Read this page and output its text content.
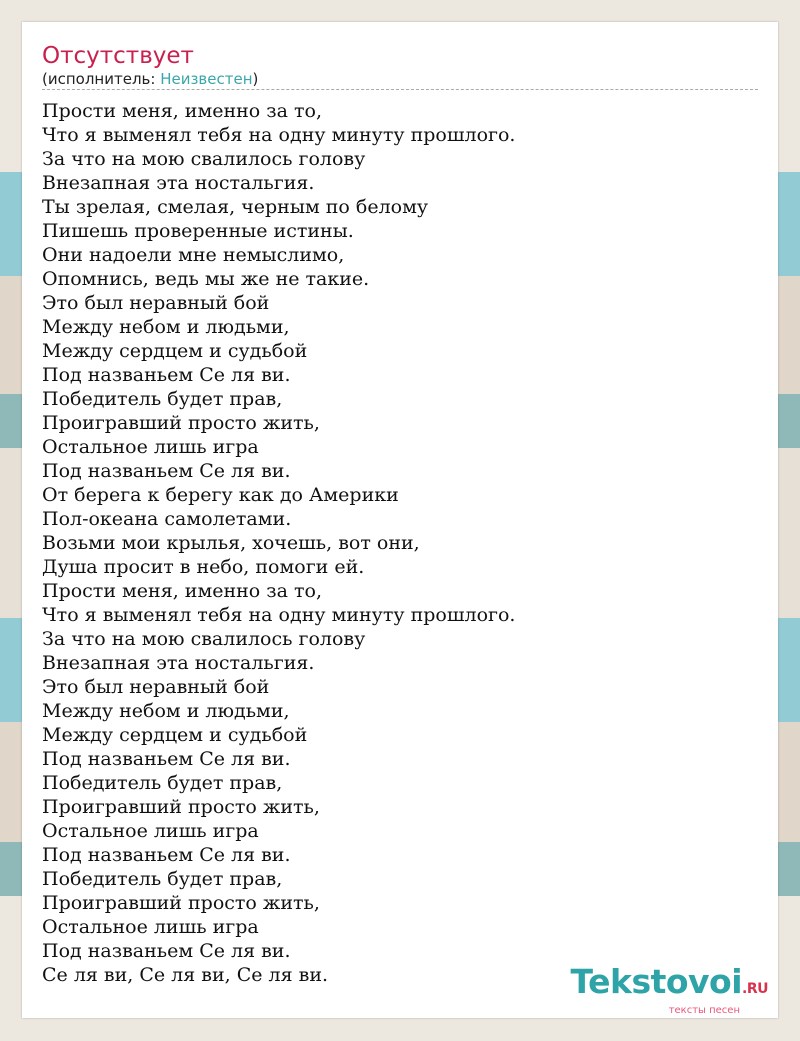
Отсутствует
(исполнитель: Неизвестен)
Прости меня, именно за то,
Что я выменял тебя на одну минуту прошлого.
За что на мою свалилось голову
Внезапная эта ностальгия.
Ты зрелая, смелая, черным по белому
Пишешь проверенные истины.
Они надоели мне немыслимо,
Опомнись, ведь мы же не такие.
Это был неравный бой
Между небом и людьми,
Между сердцем и судьбой
Под названьем Се ля ви.
Победитель будет прав,
Проигравший просто жить,
Остальное лишь игра
Под названьем Се ля ви.
От берега к берегу как до Америки
Пол-океана самолетами.
Возьми мои крылья, хочешь, вот они,
Душа просит в небо, помоги ей.
Прости меня, именно за то,
Что я выменял тебя на одну минуту прошлого.
За что на мою свалилось голову
Внезапная эта ностальгия.
Это был неравный бой
Между небом и людьми,
Между сердцем и судьбой
Под названьем Се ля ви.
Победитель будет прав,
Проигравший просто жить,
Остальное лишь игра
Под названьем Се ля ви.
Победитель будет прав,
Проигравший просто жить,
Остальное лишь игра
Под названьем Се ля ви.
Се ля ви, Се ля ви, Се ля ви.	Tekstovoi.RU
тексты песен
